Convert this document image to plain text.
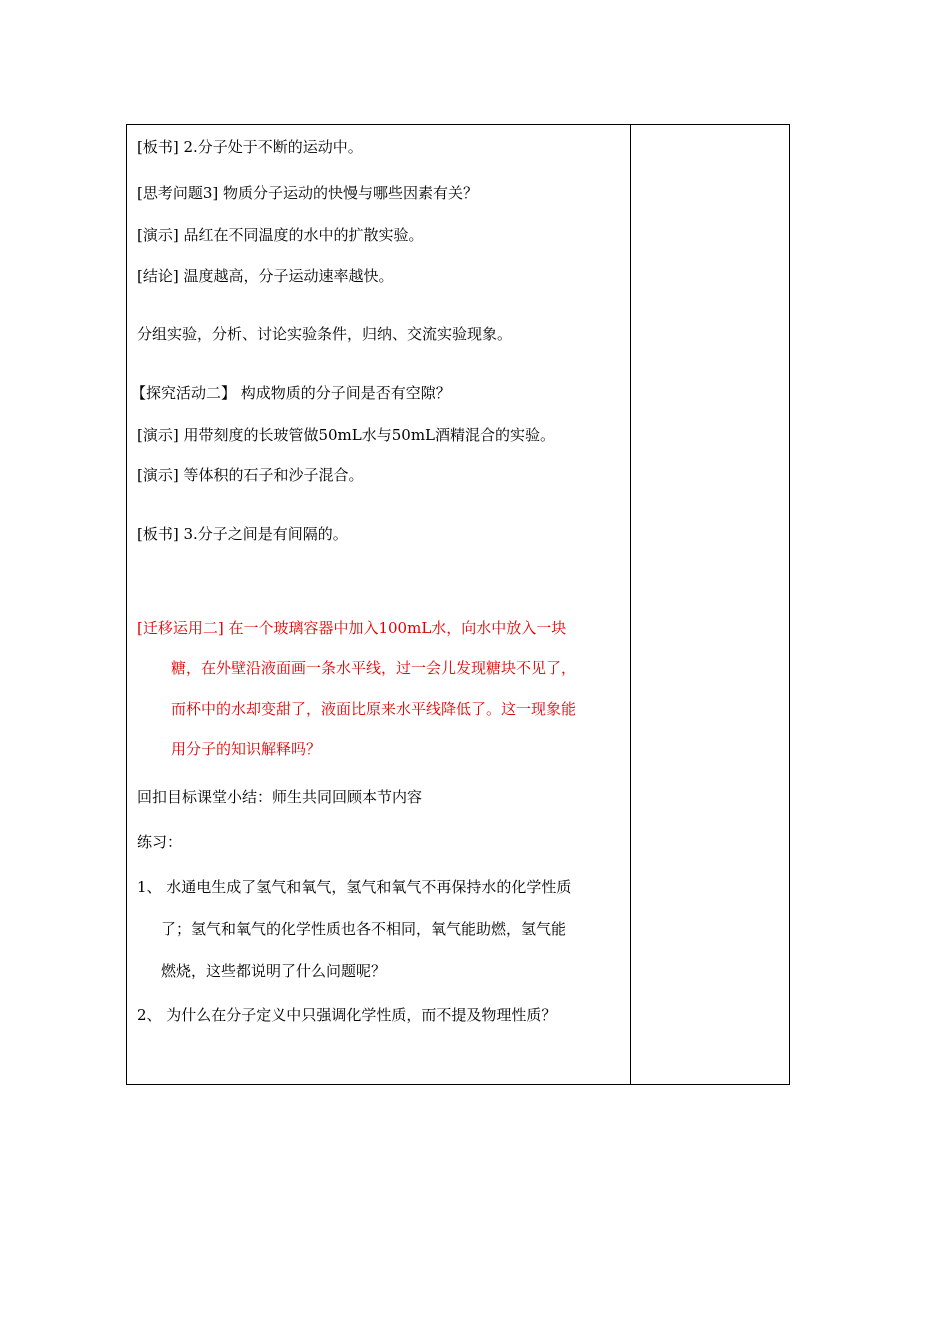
[板书] 2.分子处于不断的运动中。
[思考问题3] 物质分子运动的快慢与哪些因素有关？
[演示] 品红在不同温度的水中的扩散实验。
[结论] 温度越高，分子运动速率越快。
分组实验，分析、讨论实验条件，归纳、交流实验现象。
【探究活动二】 构成物质的分子间是否有空隙？
[演示] 用带刻度的长玻管做50mL水与50mL酒精混合的实验。
[演示] 等体积的石子和沙子混合。
[板书] 3.分子之间是有间隔的。
[迁移运用二] 在一个玻璃容器中加入100mL水，向水中放入一块
糖，在外壁沿液面画一条水平线，过一会儿发现糖块不见了，
而杯中的水却变甜了，液面比原来水平线降低了。这一现象能
用分子的知识解释吗？
回扣目标课堂小结：师生共同回顾本节内容
练习：
1、 水通电生成了氢气和氧气，氢气和氧气不再保持水的化学性质
了；氢气和氧气的化学性质也各不相同，氧气能助燃，氢气能
燃烧，这些都说明了什么问题呢？
2、 为什么在分子定义中只强调化学性质，而不提及物理性质？
